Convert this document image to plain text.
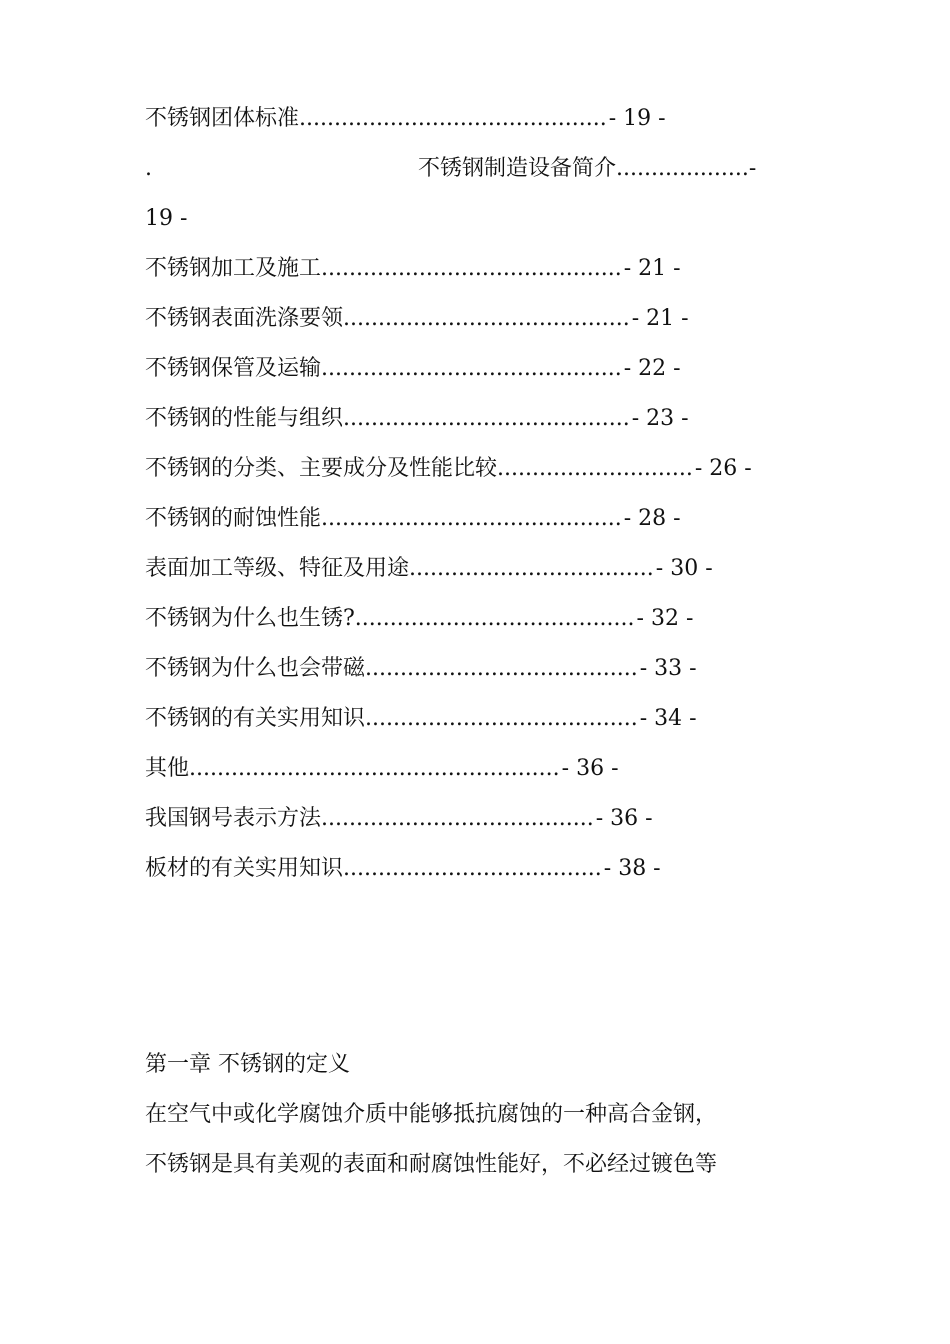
不锈钢团体标准............................................- 19 -
.	不锈钢制造设备简介...................-
19 -
不锈钢加工及施工...........................................- 21 -
不锈钢表面洗涤要领.........................................- 21 -
不锈钢保管及运输...........................................- 22 -
不锈钢的性能与组织.........................................- 23 -
不锈钢的分类、主要成分及性能比较............................- 26 -
不锈钢的耐蚀性能...........................................- 28 -
表面加工等级、特征及用途...................................- 30 -
不锈钢为什么也生锈?........................................- 32 -
不锈钢为什么也会带磁.......................................- 33 -
不锈钢的有关实用知识.......................................- 34 -
其他.....................................................- 36 -
我国钢号表示方法.......................................- 36 -
板材的有关实用知识.....................................- 38 -
第一章 不锈钢的定义
在空气中或化学腐蚀介质中能够抵抗腐蚀的一种高合金钢，
不锈钢是具有美观的表面和耐腐蚀性能好，不必经过镀色等
